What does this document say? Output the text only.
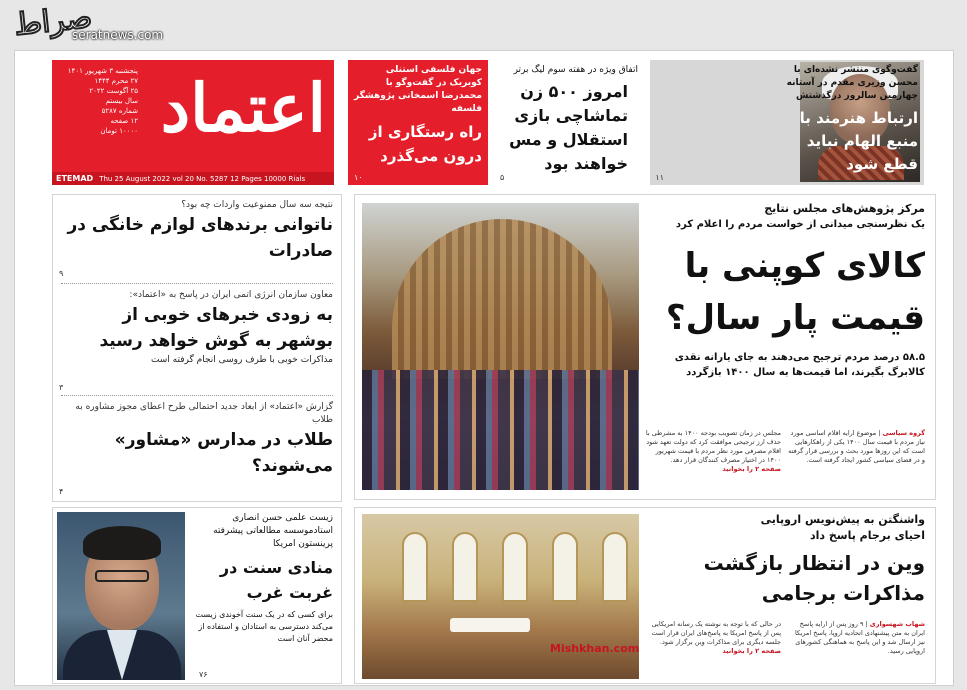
صراط
seratnews.com
اعتماد
پنجشنبه ۳ شهریور ۱۴۰۱
۲۷ محرم ۱۴۴۴
۲۵ آگوست ۲۰۲۲
سال بیستم
شماره ۵۲۸۷
۱۲ صفحه
۱۰۰۰۰ تومان
ETEMAD Thu 25 August 2022 vol 20 No. 5287 12 Pages 10000 Rials
جهان فلسفی استنلی کوبریک در گفت‌وگو با محمدرضا اسمخانی پژوهشگر فلسفه
راه رستگاری از درون می‌گذرد
۱۰
اتفاق ویژه در هفته سوم لیگ برتر
امروز ۵۰۰ زن تماشاچی بازی استقلال و مس خواهند بود
۵
گفت‌وگوی منتشر نشده‌ای با محسن وزیری مقدم در آستانه چهارمین سالروز درگذشتش
ارتباط هنرمند با منبع الهام نباید قطع شود
۱۱
نتیجه سه سال ممنوعیت واردات چه بود؟
ناتوانی برندهای لوازم خانگی در صادرات
۹
معاون سازمان انرژی اتمی ایران در پاسخ به «اعتماد»:
به زودی خبرهای خوبی از بوشهر به گوش خواهد رسید
مذاکرات خوبی با طرف روسی انجام گرفته است
۳
گزارش «اعتماد» از ابعاد جدید احتمالی طرح اعطای مجوز مشاوره به طلاب
طلاب در مدارس «مشاور» می‌شوند؟
۴
زیست علمی حسن انصاری استادموسسه مطالعاتی پیشرفته پرینستون امریکا
منادی سنت در غربت غرب
برای کسی که در یک سنت آخوندی زیست می‌کند دسترسی به استادان و استفاده از محضر آنان است
۷۶
مرکز پژوهش‌های مجلس نتایج
یک نظرسنجی میدانی از خواست مردم را اعلام کرد
کالای کوپنی با قیمت پار سال؟
۵۸.۵ درصد مردم ترجیح می‌دهند به جای یارانه نقدی کالابرگ بگیرند، اما قیمت‌ها به سال ۱۴۰۰ بازگردد
گروه سیاسی | موضوع ارایه اقلام اساسی مورد نیاز مردم با قیمت سال ۱۴۰۰ یکی از راهکارهایی است که این روزها مورد بحث و بررسی قرار گرفته و در فضای سیاسی کشور ایجاد گرفته است.
مجلس در زمان تصویب بودجه ۱۴۰۰ به مشرطی با حذف ارز ترجیحی موافقت کرد که دولت تعهد شود اقلام مصرفی مورد نظر مردم با قیمت شهریور ۱۴۰۰ در اختیار مصرف کنندگان قرار دهد.
صفحه ۲ را بخوانید
Mishkhan.com
واشنگتن به پیش‌نویس اروپایی
احیای برجام پاسخ داد
وین در انتظار بازگشت مذاکرات برجامی
شهاب شهسواری | ۹ روز پس از ارایه پاسخ ایران به متن پیشنهادی اتحادیه اروپا، پاسخ امریکا نیز ارسال شد و این پاسخ به هماهنگی کشورهای اروپایی رسید.
در حالی که با توجه به نوشته یک رسانه امریکایی پس از پاسخ امریکا به پاسخ‌های ایران قرار است جلسه دیگری برای مذاکرات وین برگزار شود.
صفحه ۲ را بخوانید
